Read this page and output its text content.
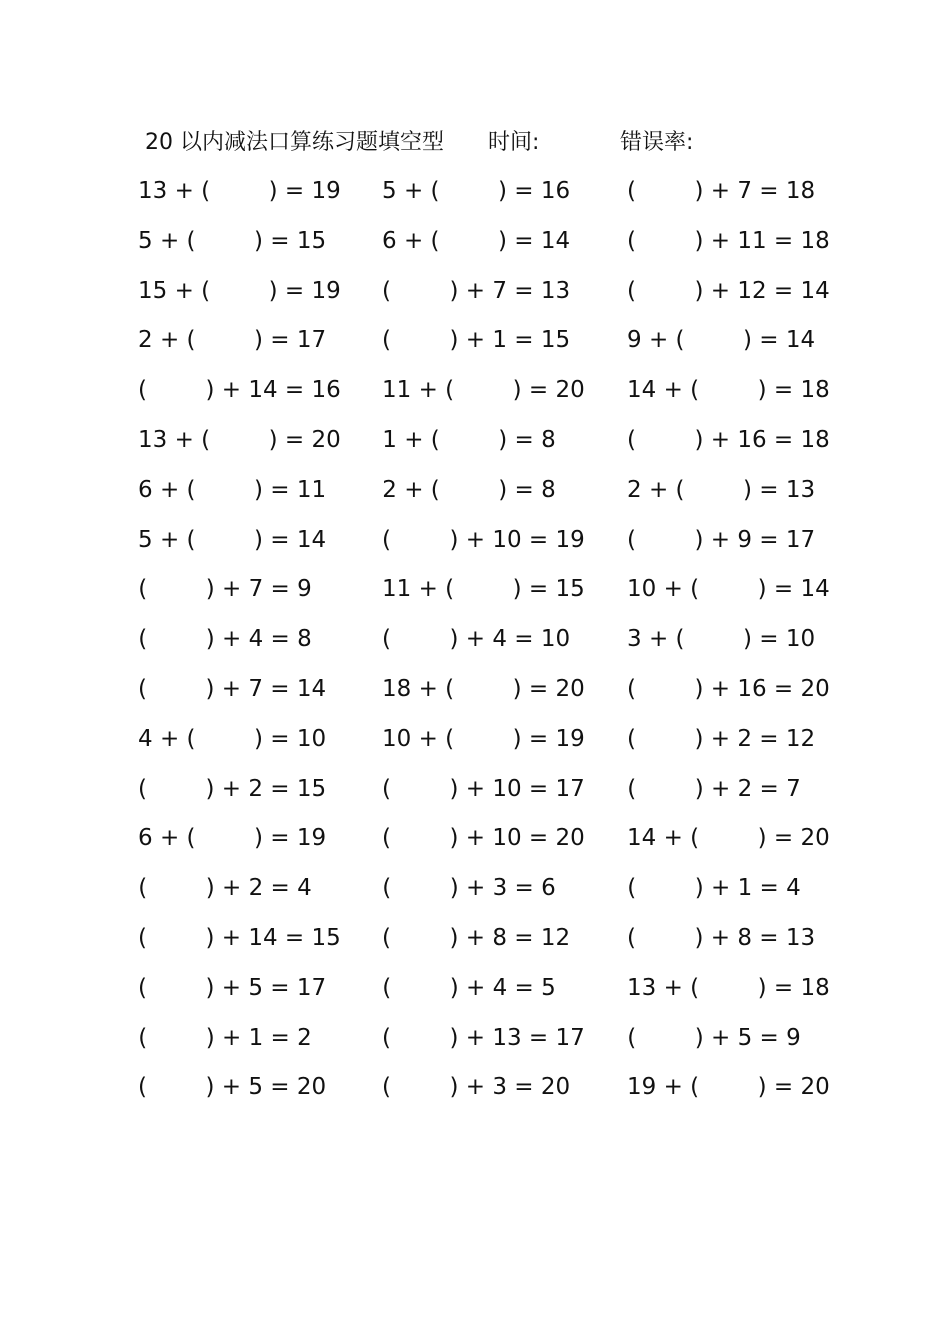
20 以内减法口算练习题填空型 时间:	错误率:
13 + (        ) = 19 5 + (        ) = 16 (        ) + 7 = 18
5 + (        ) = 15 6 + (        ) = 14 (        ) + 11 = 18
15 + (        ) = 19 (        ) + 7 = 13 (        ) + 12 = 14
2 + (        ) = 17 (        ) + 1 = 15 9 + (        ) = 14
(        ) + 14 = 16 11 + (        ) = 20 14 + (        ) = 18
13 + (        ) = 20 1 + (        ) = 8	(        ) + 16 = 18
6 + (        ) = 11 2 + (        ) = 8	2 + (        ) = 13
5 + (        ) = 14 (        ) + 10 = 19 (        ) + 9 = 17
(        ) + 7 = 9	11 + (        ) = 15 10 + (        ) = 14
(        ) + 4 = 8	(        ) + 4 = 10 3 + (        ) = 10
(        ) + 7 = 14 18 + (        ) = 20 (        ) + 16 = 20
4 + (        ) = 10 10 + (        ) = 19 (        ) + 2 = 12
(        ) + 2 = 15 (        ) + 10 = 17 (        ) + 2 = 7
6 + (        ) = 19 (        ) + 10 = 20 14 + (        ) = 20
(        ) + 2 = 4	(        ) + 3 = 6	(        ) + 1 = 4
(        ) + 14 = 15 (        ) + 8 = 12 (        ) + 8 = 13
(        ) + 5 = 17 (        ) + 4 = 5	13 + (        ) = 18
(        ) + 1 = 2	(        ) + 13 = 17 (        ) + 5 = 9
(        ) + 5 = 20 (        ) + 3 = 20 19 + (        ) = 20
